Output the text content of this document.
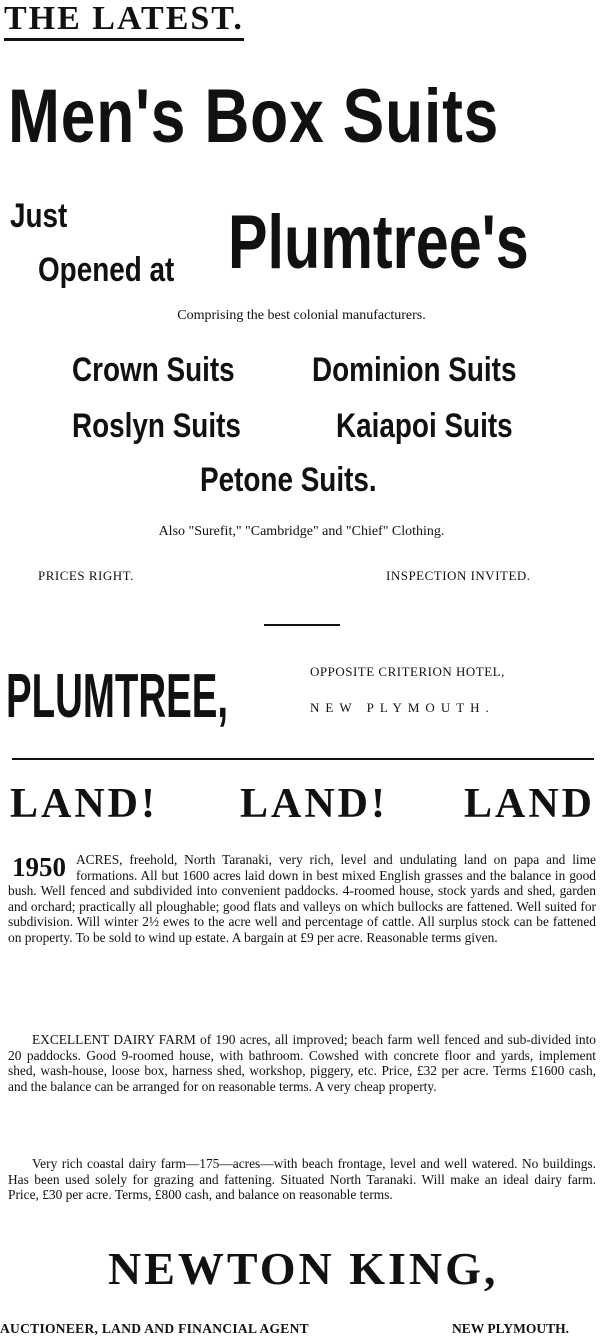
THE LATEST.
Men's Box Suits
Just
Opened at Plumtree's
Comprising the best colonial manufacturers.
Crown Suits Dominion Suits
Roslyn Suits	Kaiapoi Suits
Petone Suits.
Also "Surefit," "Cambridge" and "Chief" Clothing.
PRICES RIGHT.	INSPECTION INVITED.
PLUMTREE,	OPPOSITE CRITERION HOTEL,
NEW PLYMOUTH.
LAND! LAND! LAND
1950 ACRES, freehold, North Taranaki, very rich, level and undulating land on papa and lime formations. All but 1600 acres laid down in best mixed English grasses and the balance in good bush. Well fenced and subdivided into convenient paddocks. 4-roomed house, stock yards and shed, garden and orchard; practically all ploughable; good flats and valleys on which bullocks are fattened. Well suited for subdivision. Will winter 2½ ewes to the acre well and percentage of cattle. All surplus stock can be fattened on property. To be sold to wind up estate. A bargain at £9 per acre. Reasonable terms given.
EXCELLENT DAIRY FARM of 190 acres, all improved; beach farm well fenced and sub-divided into 20 paddocks. Good 9-roomed house, with bathroom. Cowshed with concrete floor and yards, implement shed, wash-house, loose box, harness shed, workshop, piggery, etc. Price, £32 per acre. Terms £1600 cash, and the balance can be arranged for on reasonable terms. A very cheap property.
Very rich coastal dairy farm—175—acres—with beach frontage, level and well watered. No buildings. Has been used solely for grazing and fattening. Situated North Taranaki. Will make an ideal dairy farm. Price, £30 per acre. Terms, £800 cash, and balance on reasonable terms.
NEWTON KING,
AUCTIONEER, LAND AND FINANCIAL AGENT	NEW PLYMOUTH.
